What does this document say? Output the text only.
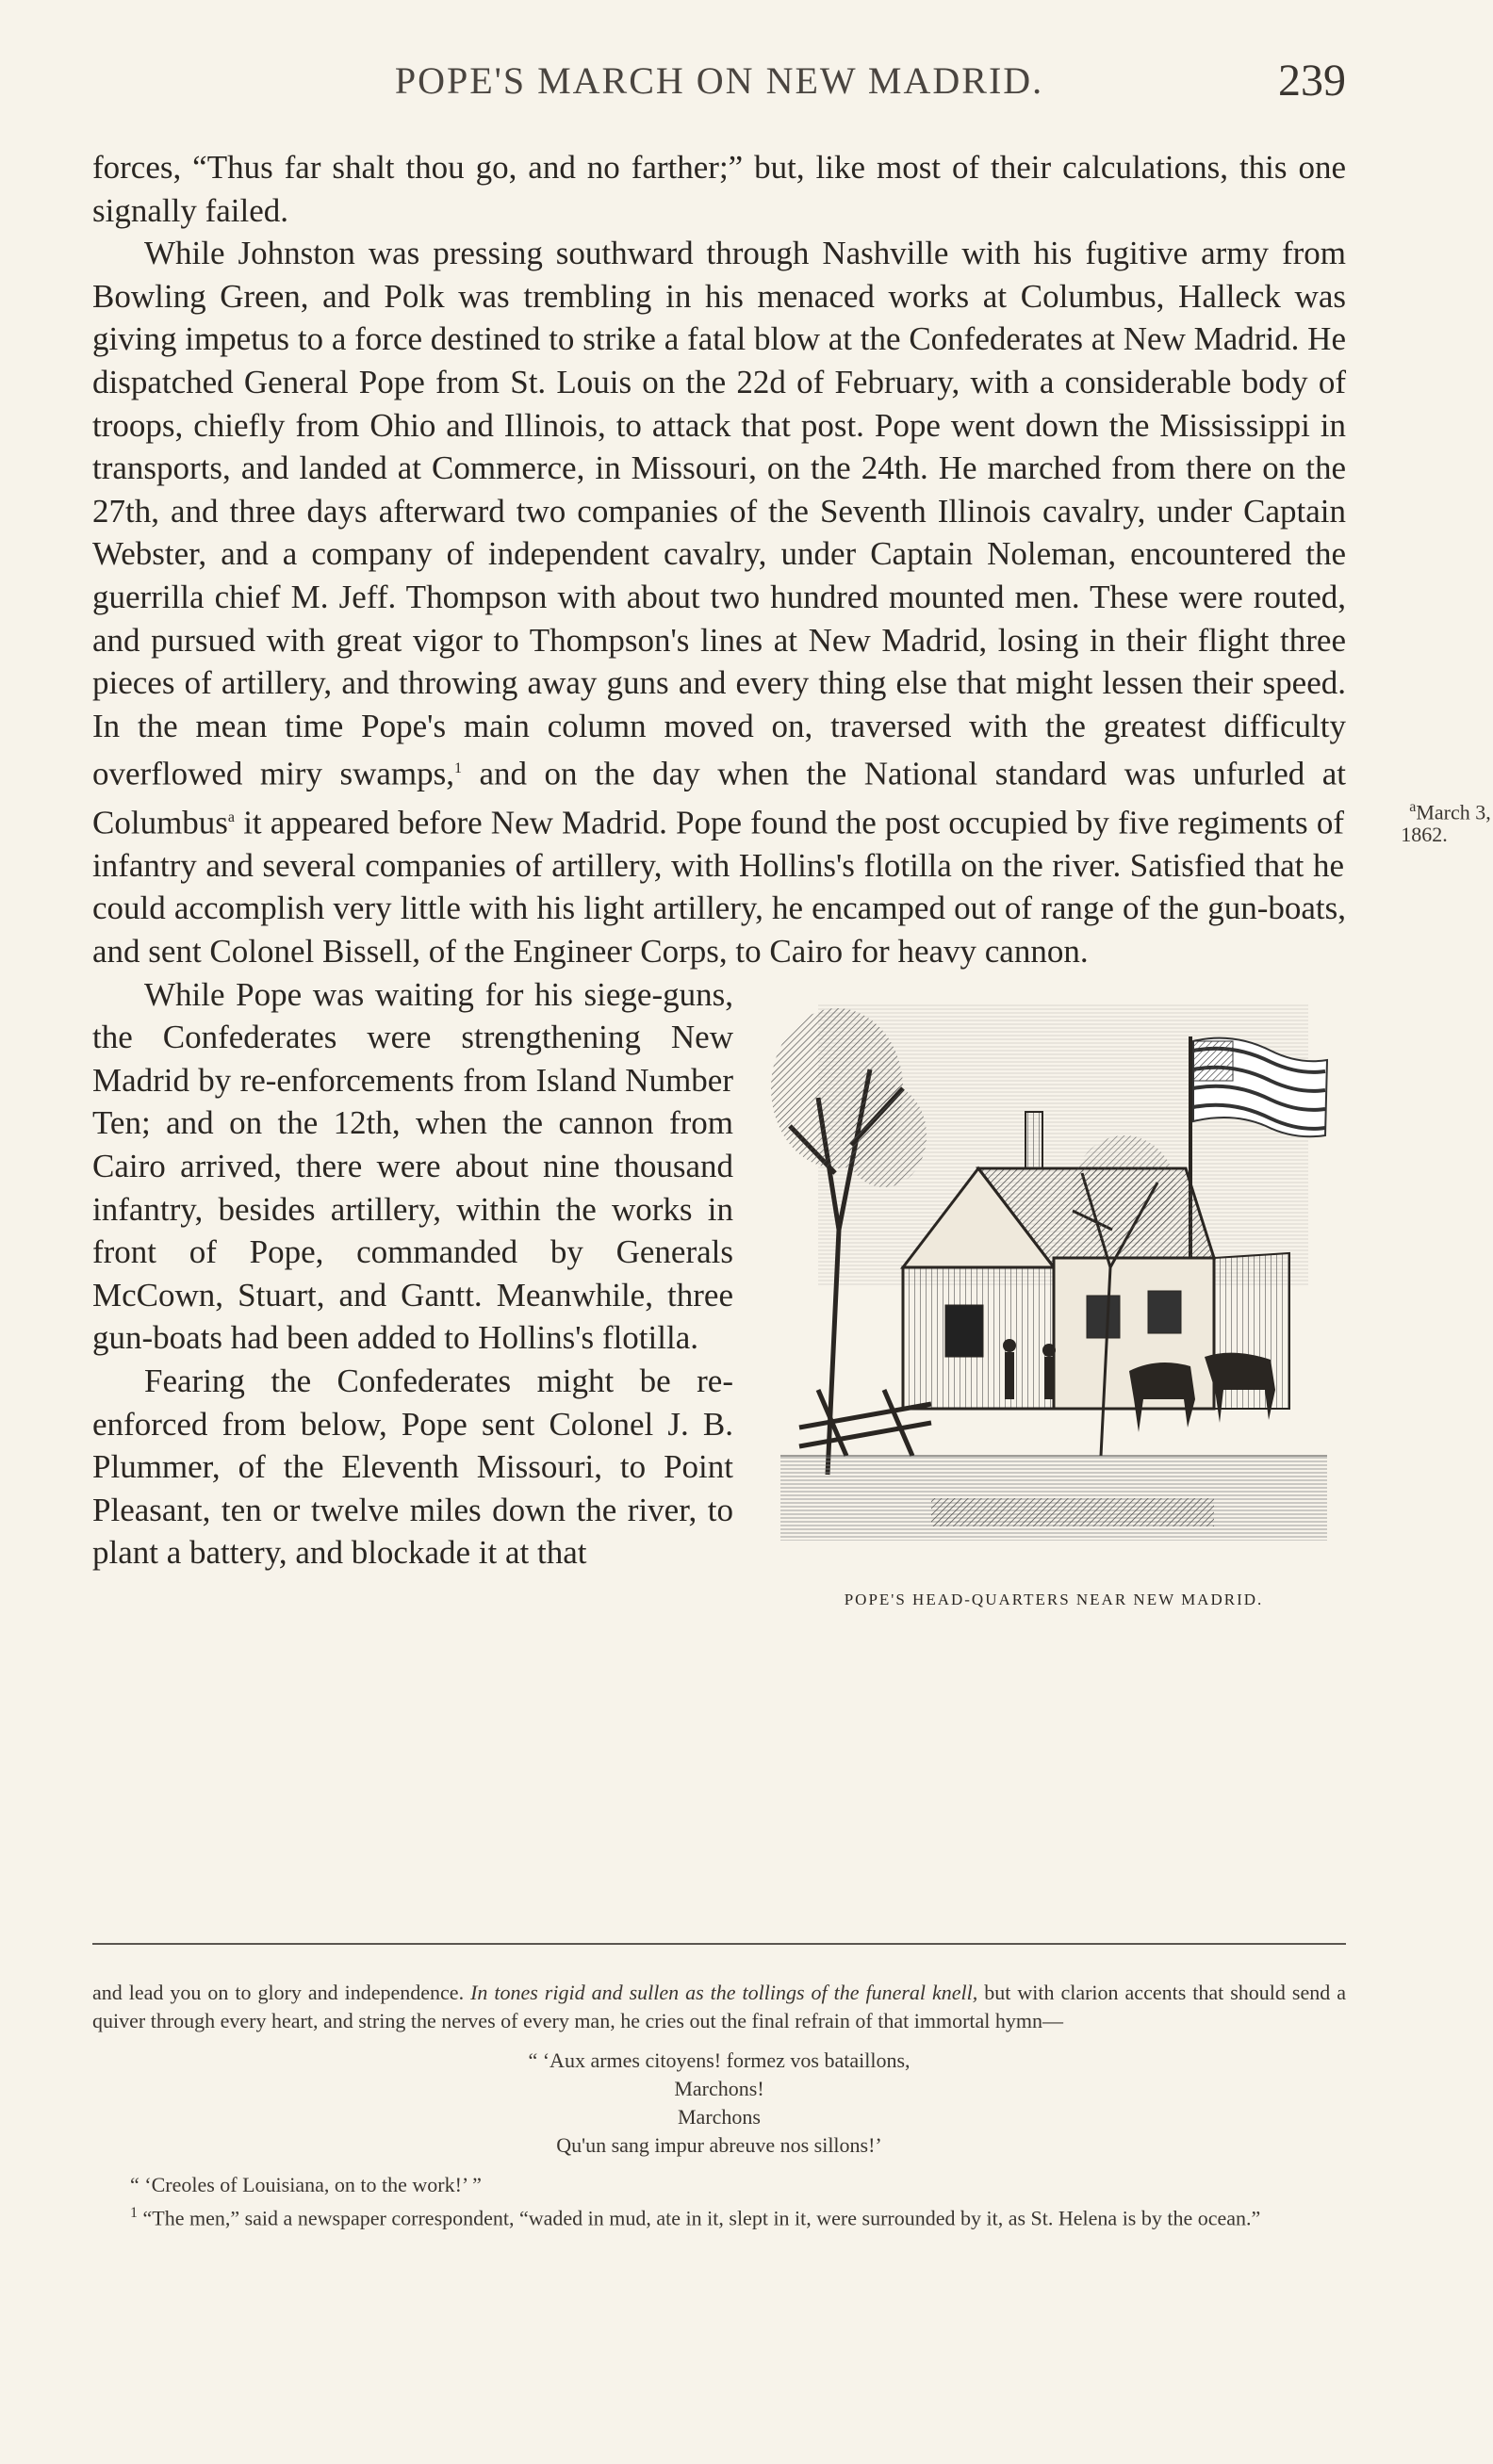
POPE'S MARCH ON NEW MADRID.	239

forces, “Thus far shalt thou go, and no farther;” but, like most of their calculations, this one signally failed.

While Johnston was pressing southward through Nashville with his fugitive army from Bowling Green, and Polk was trembling in his menaced works at Columbus, Halleck was giving impetus to a force destined to strike a fatal blow at the Confederates at New Madrid. He dispatched General Pope from St. Louis on the 22d of February, with a considerable body of troops, chiefly from Ohio and Illinois, to attack that post. Pope went down the Mississippi in transports, and landed at Commerce, in Missouri, on the 24th. He marched from there on the 27th, and three days afterward two companies of the Seventh Illinois cavalry, under Captain Webster, and a company of independent cavalry, under Captain Noleman, encountered the guerrilla chief M. Jeff. Thompson with about two hundred mounted men. These were routed, and pursued with great vigor to Thompson's lines at New Madrid, losing in their flight three pieces of artillery, and throwing away guns and every thing else that might lessen their speed. In the mean time Pope's main column moved on, traversed with the greatest difficulty overflowed miry swamps,$^1$ and on the day when the National standard was unfurled at Columbus$^a$
$^a$March 3,
1862.
it appeared before New Madrid. Pope found the post occupied by five regiments of infantry and several companies of artillery, with Hollins's flotilla on the river. Satisfied that he could accomplish very little with his light artillery, he encamped out of range of the gun-boats, and sent Colonel Bissell, of the Engineer Corps, to Cairo for heavy cannon.

POPE'S HEAD-QUARTERS NEAR NEW MADRID.

While Pope was waiting for his siege-guns, the Confederates were strengthening New Madrid by re-enforcements from Island Number Ten; and on the 12th, when the cannon from Cairo arrived, there were about nine thousand infantry, besides artillery, within the works in front of Pope, commanded by Generals McCown, Stuart, and Gantt. Meanwhile, three gun-boats had been added to Hollins's flotilla.

Fearing the Confederates might be re-enforced from below, Pope sent Colonel J. B. Plummer, of the Eleventh Missouri, to Point Pleasant, ten or twelve miles down the river, to plant a battery, and blockade it at that

and lead you on to glory and independence. In tones rigid and sullen as the tollings of the funeral knell, but with clarion accents that should send a quiver through every heart, and string the nerves of every man, he cries out the final refrain of that immortal hymn—

“ ‘Aux armes citoyens! formez vos bataillons,
Marchons!
Marchons
Qu'un sang impur abreuve nos sillons!’

“ ‘Creoles of Louisiana, on to the work!’ ”

$^1$ “The men,” said a newspaper correspondent, “waded in mud, ate in it, slept in it, were surrounded by it, as St. Helena is by the ocean.”
